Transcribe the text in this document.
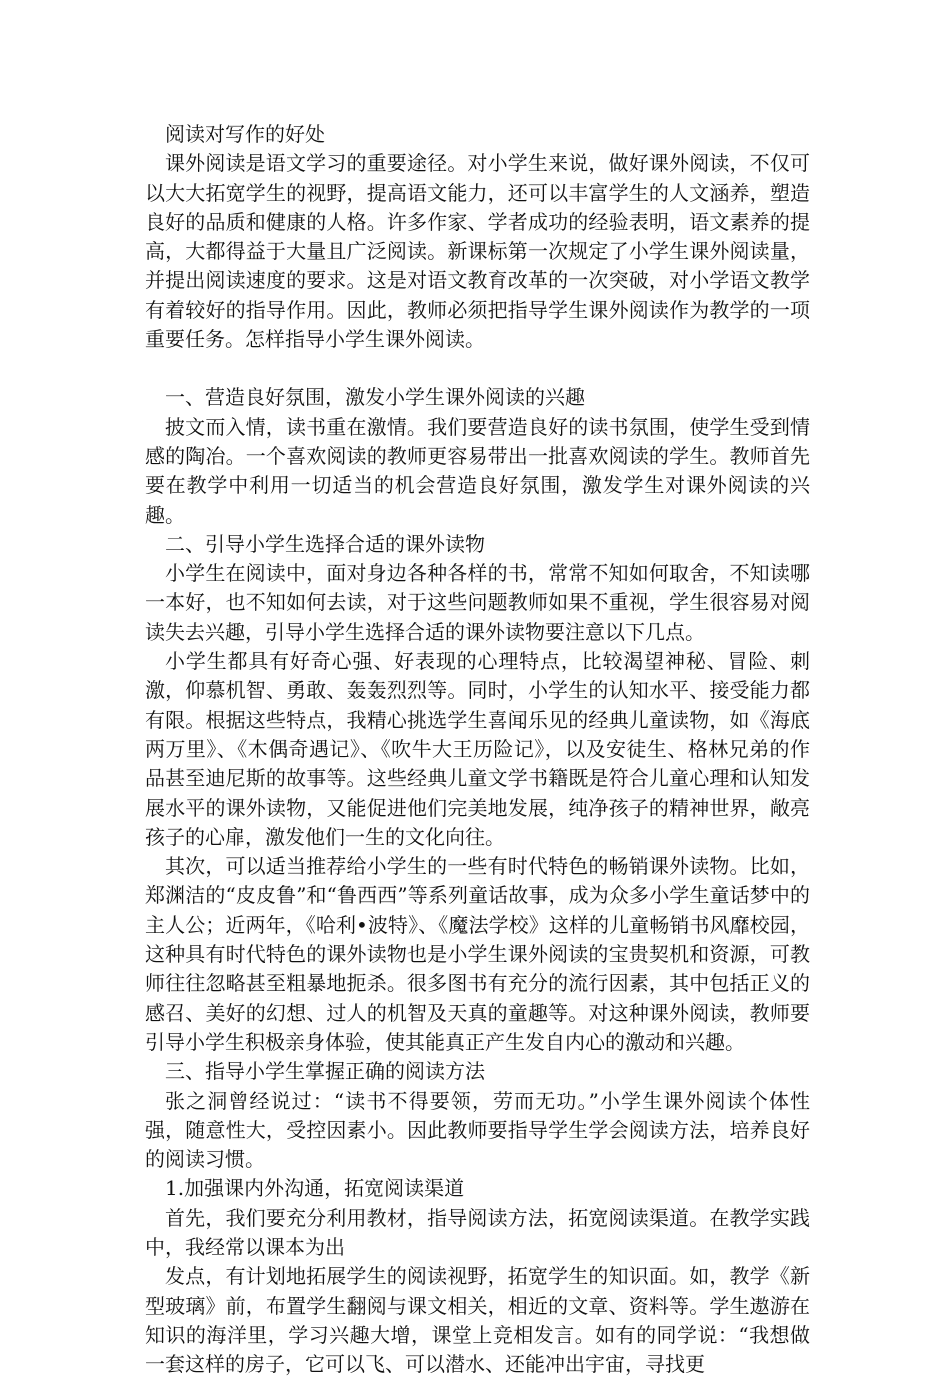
阅读对写作的好处

课外阅读是语文学习的重要途径。对小学生来说，做好课外阅读，不仅可以大大拓宽学生的视野，提高语文能力，还可以丰富学生的人文涵养，塑造良好的品质和健康的人格。许多作家、学者成功的经验表明，语文素养的提高，大都得益于大量且广泛阅读。新课标第一次规定了小学生课外阅读量，并提出阅读速度的要求。这是对语文教育改革的一次突破，对小学语文教学有着较好的指导作用。因此，教师必须把指导学生课外阅读作为教学的一项重要任务。怎样指导小学生课外阅读。

一、营造良好氛围，激发小学生课外阅读的兴趣

披文而入情，读书重在激情。我们要营造良好的读书氛围，使学生受到情感的陶冶。一个喜欢阅读的教师更容易带出一批喜欢阅读的学生。教师首先要在教学中利用一切适当的机会营造良好氛围，激发学生对课外阅读的兴趣。

二、引导小学生选择合适的课外读物

小学生在阅读中，面对身边各种各样的书，常常不知如何取舍，不知读哪一本好，也不知如何去读，对于这些问题教师如果不重视，学生很容易对阅读失去兴趣，引导小学生选择合适的课外读物要注意以下几点。

小学生都具有好奇心强、好表现的心理特点，比较渴望神秘、冒险、刺激，仰慕机智、勇敢、轰轰烈烈等。同时，小学生的认知水平、接受能力都有限。根据这些特点，我精心挑选学生喜闻乐见的经典儿童读物，如《海底两万里》、《木偶奇遇记》、《吹牛大王历险记》，以及安徒生、格林兄弟的作品甚至迪尼斯的故事等。这些经典儿童文学书籍既是符合儿童心理和认知发展水平的课外读物，又能促进他们完美地发展，纯净孩子的精神世界，敞亮孩子的心扉，激发他们一生的文化向往。

其次，可以适当推荐给小学生的一些有时代特色的畅销课外读物。比如，郑渊洁的“皮皮鲁”和“鲁西西”等系列童话故事，成为众多小学生童话梦中的主人公；近两年，《哈利•波特》、《魔法学校》这样的儿童畅销书风靡校园，这种具有时代特色的课外读物也是小学生课外阅读的宝贵契机和资源，可教师往往忽略甚至粗暴地扼杀。很多图书有充分的流行因素，其中包括正义的感召、美好的幻想、过人的机智及天真的童趣等。对这种课外阅读，教师要引导小学生积极亲身体验，使其能真正产生发自内心的激动和兴趣。

三、指导小学生掌握正确的阅读方法

张之洞曾经说过：“读书不得要领，劳而无功。”小学生课外阅读个体性强，随意性大，受控因素小。因此教师要指导学生学会阅读方法，培养良好的阅读习惯。

1.加强课内外沟通，拓宽阅读渠道

首先，我们要充分利用教材，指导阅读方法，拓宽阅读渠道。在教学实践中，我经常以课本为出

发点，有计划地拓展学生的阅读视野，拓宽学生的知识面。如，教学《新型玻璃》前，布置学生翻阅与课文相关，相近的文章、资料等。学生遨游在知识的海洋里，学习兴趣大增，课堂上竞相发言。如有的同学说：“我想做一套这样的房子，它可以飞、可以潜水、还能冲出宇宙，寻找更
